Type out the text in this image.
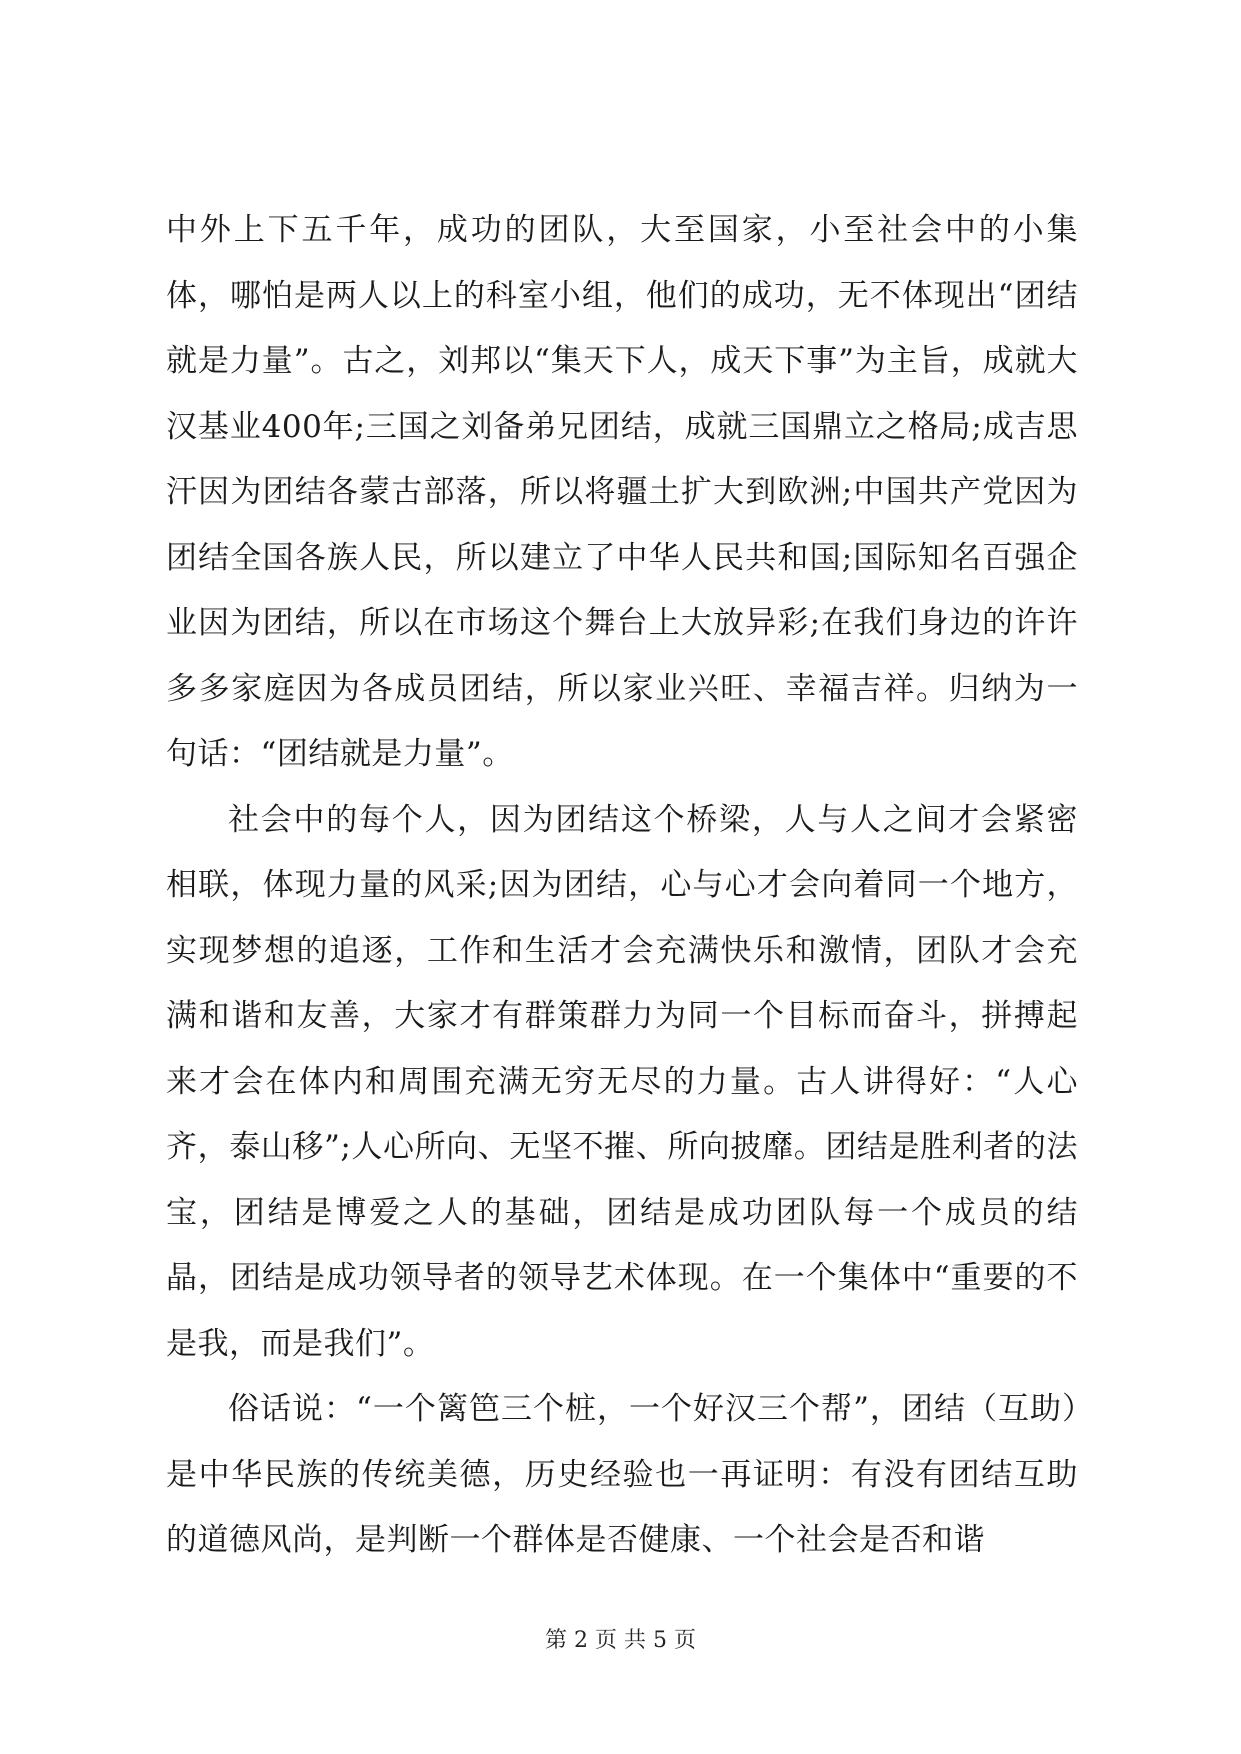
中外上下五千年，成功的团队，大至国家，小至社会中的小集体，哪怕是两人以上的科室小组，他们的成功，无不体现出“团结就是力量”。古之，刘邦以“集天下人，成天下事”为主旨，成就大汉基业400年;三国之刘备弟兄团结，成就三国鼎立之格局;成吉思汗因为团结各蒙古部落，所以将疆土扩大到欧洲;中国共产党因为团结全国各族人民，所以建立了中华人民共和国;国际知名百强企业因为团结，所以在市场这个舞台上大放异彩;在我们身边的许许多多家庭因为各成员团结，所以家业兴旺、幸福吉祥。归纳为一句话：“团结就是力量”。

社会中的每个人，因为团结这个桥梁，人与人之间才会紧密相联，体现力量的风采;因为团结，心与心才会向着同一个地方，实现梦想的追逐，工作和生活才会充满快乐和激情，团队才会充满和谐和友善，大家才有群策群力为同一个目标而奋斗，拼搏起来才会在体内和周围充满无穷无尽的力量。古人讲得好：“人心齐，泰山移”;人心所向、无坚不摧、所向披靡。团结是胜利者的法宝，团结是博爱之人的基础，团结是成功团队每一个成员的结晶，团结是成功领导者的领导艺术体现。在一个集体中“重要的不是我，而是我们”。

俗话说：“一个篱笆三个桩，一个好汉三个帮”，团结（互助）是中华民族的传统美德，历史经验也一再证明：有没有团结互助的道德风尚，是判断一个群体是否健康、一个社会是否和谐

第 2 页 共 5 页
